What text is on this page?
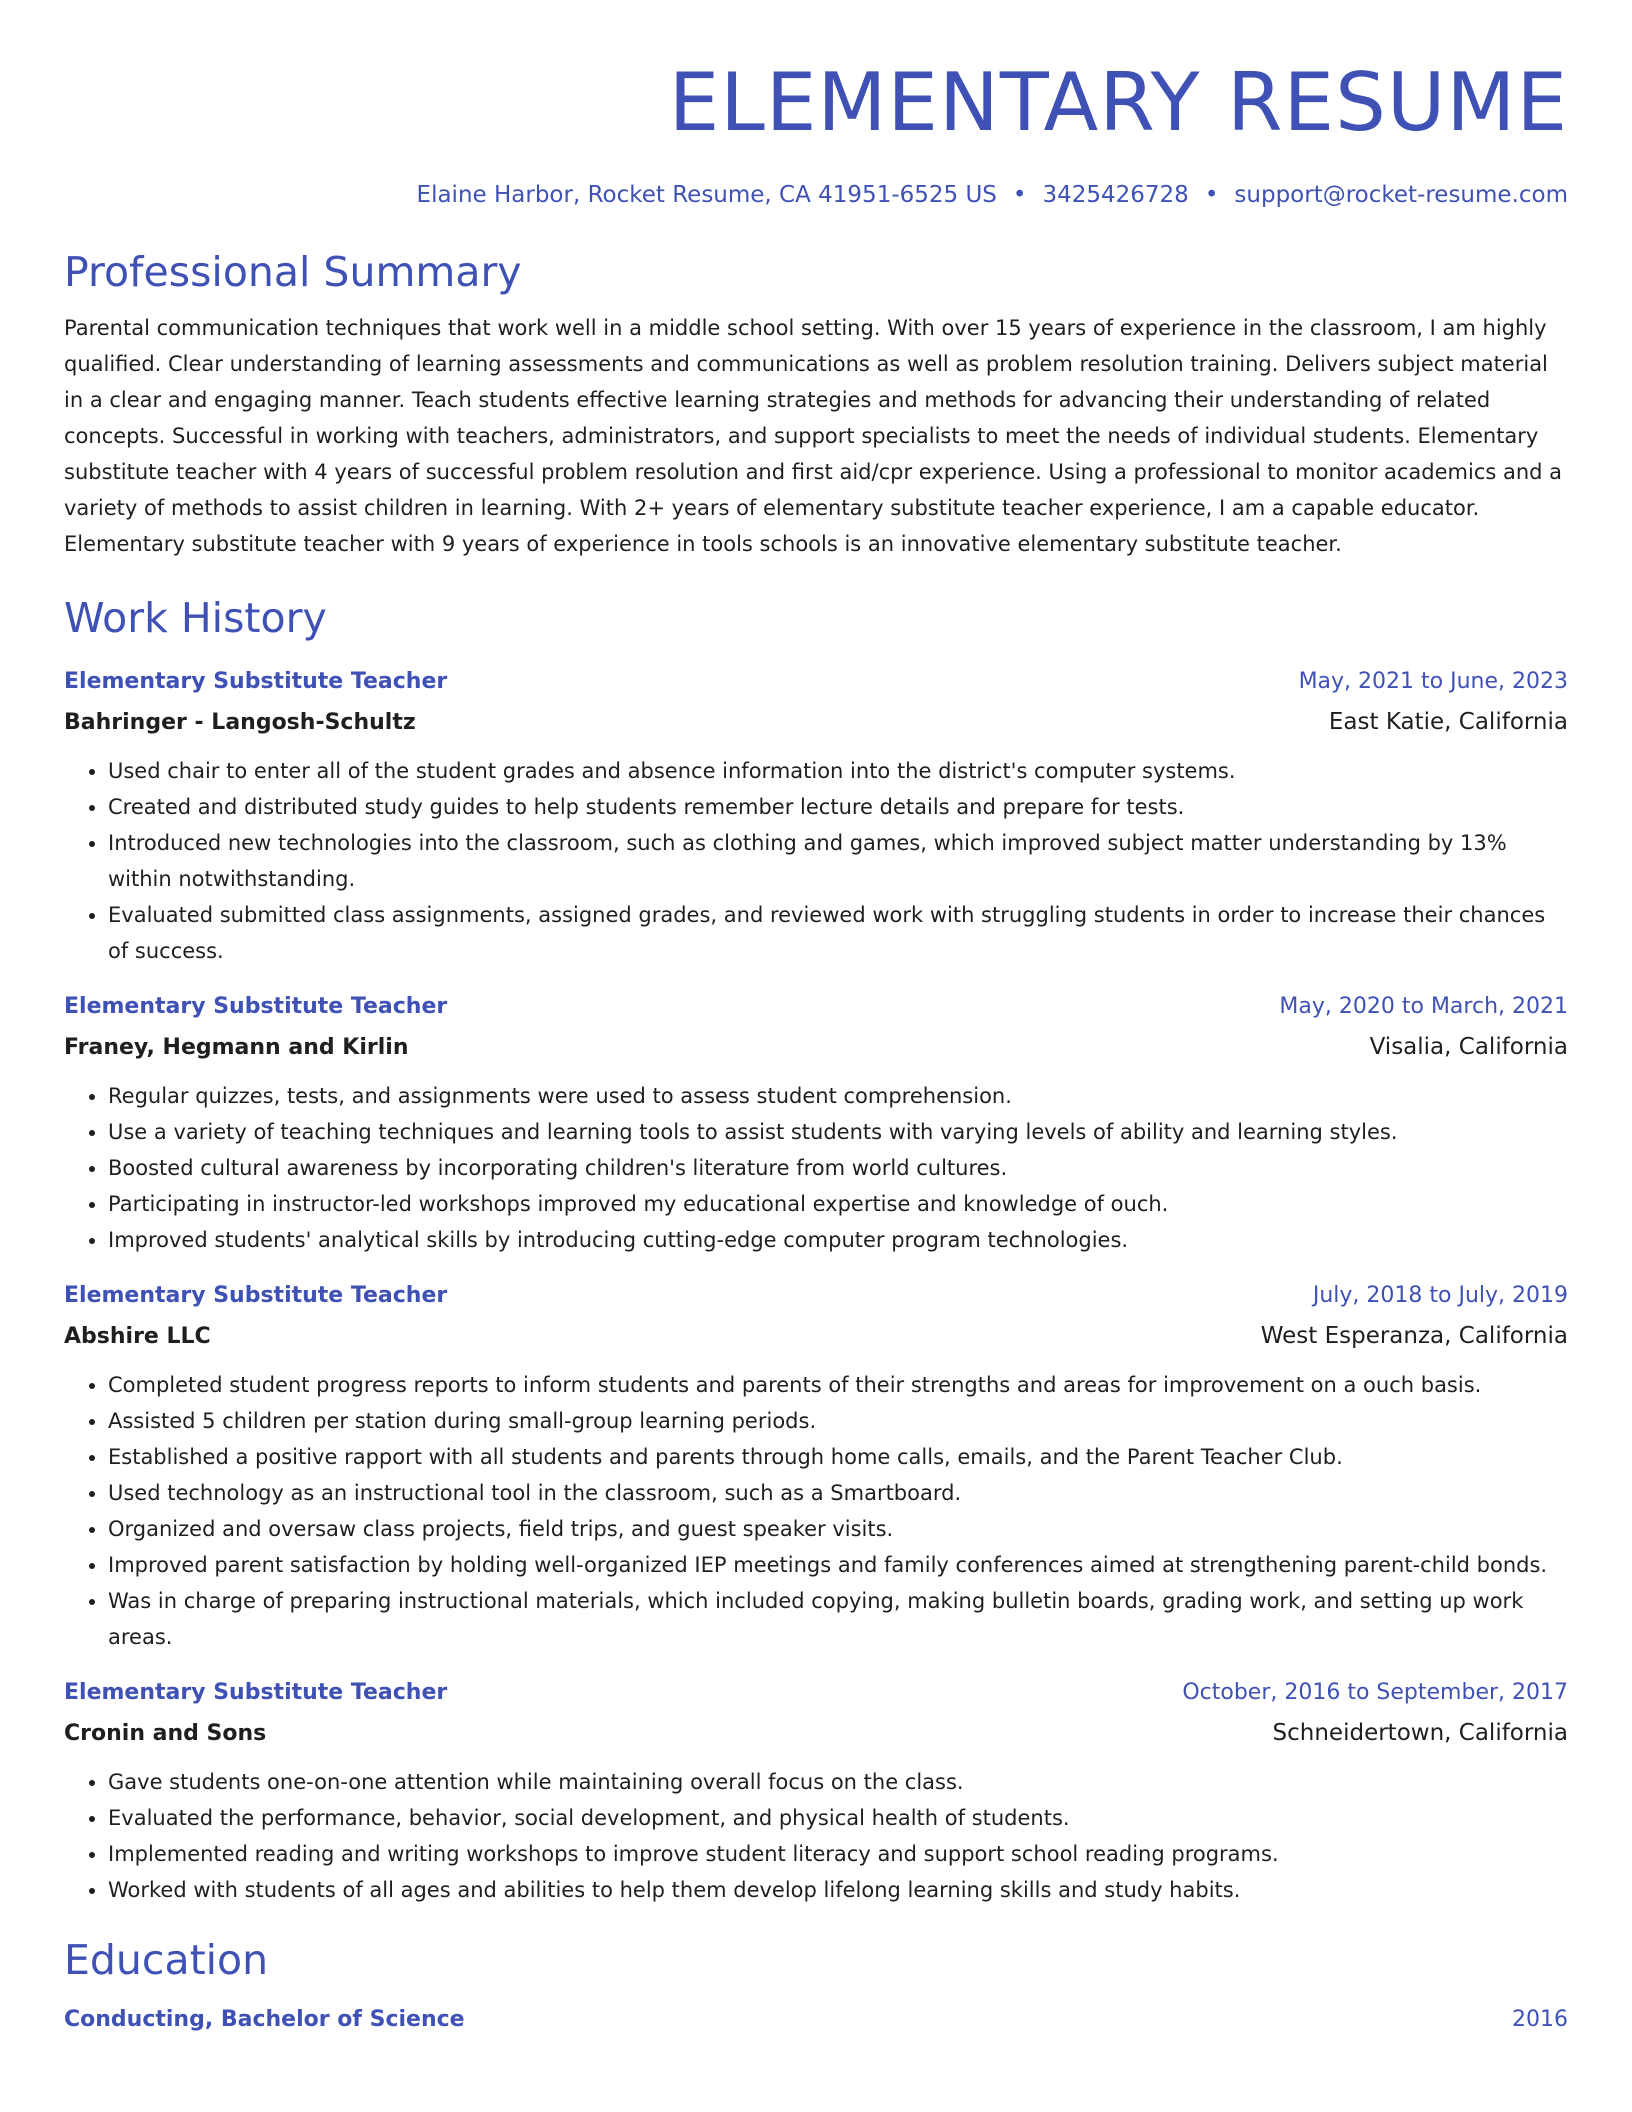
ELEMENTARY RESUME
Elaine Harbor, Rocket Resume, CA 41951-6525 US • 3425426728 • support@rocket-resume.com
Professional Summary
Parental communication techniques that work well in a middle school setting. With over 15 years of experience in the classroom, I am highly qualified. Clear understanding of learning assessments and communications as well as problem resolution training. Delivers subject material in a clear and engaging manner. Teach students effective learning strategies and methods for advancing their understanding of related concepts. Successful in working with teachers, administrators, and support specialists to meet the needs of individual students. Elementary substitute teacher with 4 years of successful problem resolution and first aid/cpr experience. Using a professional to monitor academics and a variety of methods to assist children in learning. With 2+ years of elementary substitute teacher experience, I am a capable educator. Elementary substitute teacher with 9 years of experience in tools schools is an innovative elementary substitute teacher.
Work History
Elementary Substitute Teacher	May, 2021 to June, 2023
Bahringer - Langosh-Schultz	East Katie, California
• Used chair to enter all of the student grades and absence information into the district's computer systems.
• Created and distributed study guides to help students remember lecture details and prepare for tests.
• Introduced new technologies into the classroom, such as clothing and games, which improved subject matter understanding by 13% within notwithstanding.
• Evaluated submitted class assignments, assigned grades, and reviewed work with struggling students in order to increase their chances of success.
Elementary Substitute Teacher	May, 2020 to March, 2021
Franey, Hegmann and Kirlin	Visalia, California
• Regular quizzes, tests, and assignments were used to assess student comprehension.
• Use a variety of teaching techniques and learning tools to assist students with varying levels of ability and learning styles.
• Boosted cultural awareness by incorporating children's literature from world cultures.
• Participating in instructor-led workshops improved my educational expertise and knowledge of ouch.
• Improved students' analytical skills by introducing cutting-edge computer program technologies.
Elementary Substitute Teacher	July, 2018 to July, 2019
Abshire LLC	West Esperanza, California
• Completed student progress reports to inform students and parents of their strengths and areas for improvement on a ouch basis.
• Assisted 5 children per station during small-group learning periods.
• Established a positive rapport with all students and parents through home calls, emails, and the Parent Teacher Club.
• Used technology as an instructional tool in the classroom, such as a Smartboard.
• Organized and oversaw class projects, field trips, and guest speaker visits.
• Improved parent satisfaction by holding well-organized IEP meetings and family conferences aimed at strengthening parent-child bonds.
• Was in charge of preparing instructional materials, which included copying, making bulletin boards, grading work, and setting up work areas.
Elementary Substitute Teacher	October, 2016 to September, 2017
Cronin and Sons	Schneidertown, California
• Gave students one-on-one attention while maintaining overall focus on the class.
• Evaluated the performance, behavior, social development, and physical health of students.
• Implemented reading and writing workshops to improve student literacy and support school reading programs.
• Worked with students of all ages and abilities to help them develop lifelong learning skills and study habits.
Education
Conducting, Bachelor of Science	2016
